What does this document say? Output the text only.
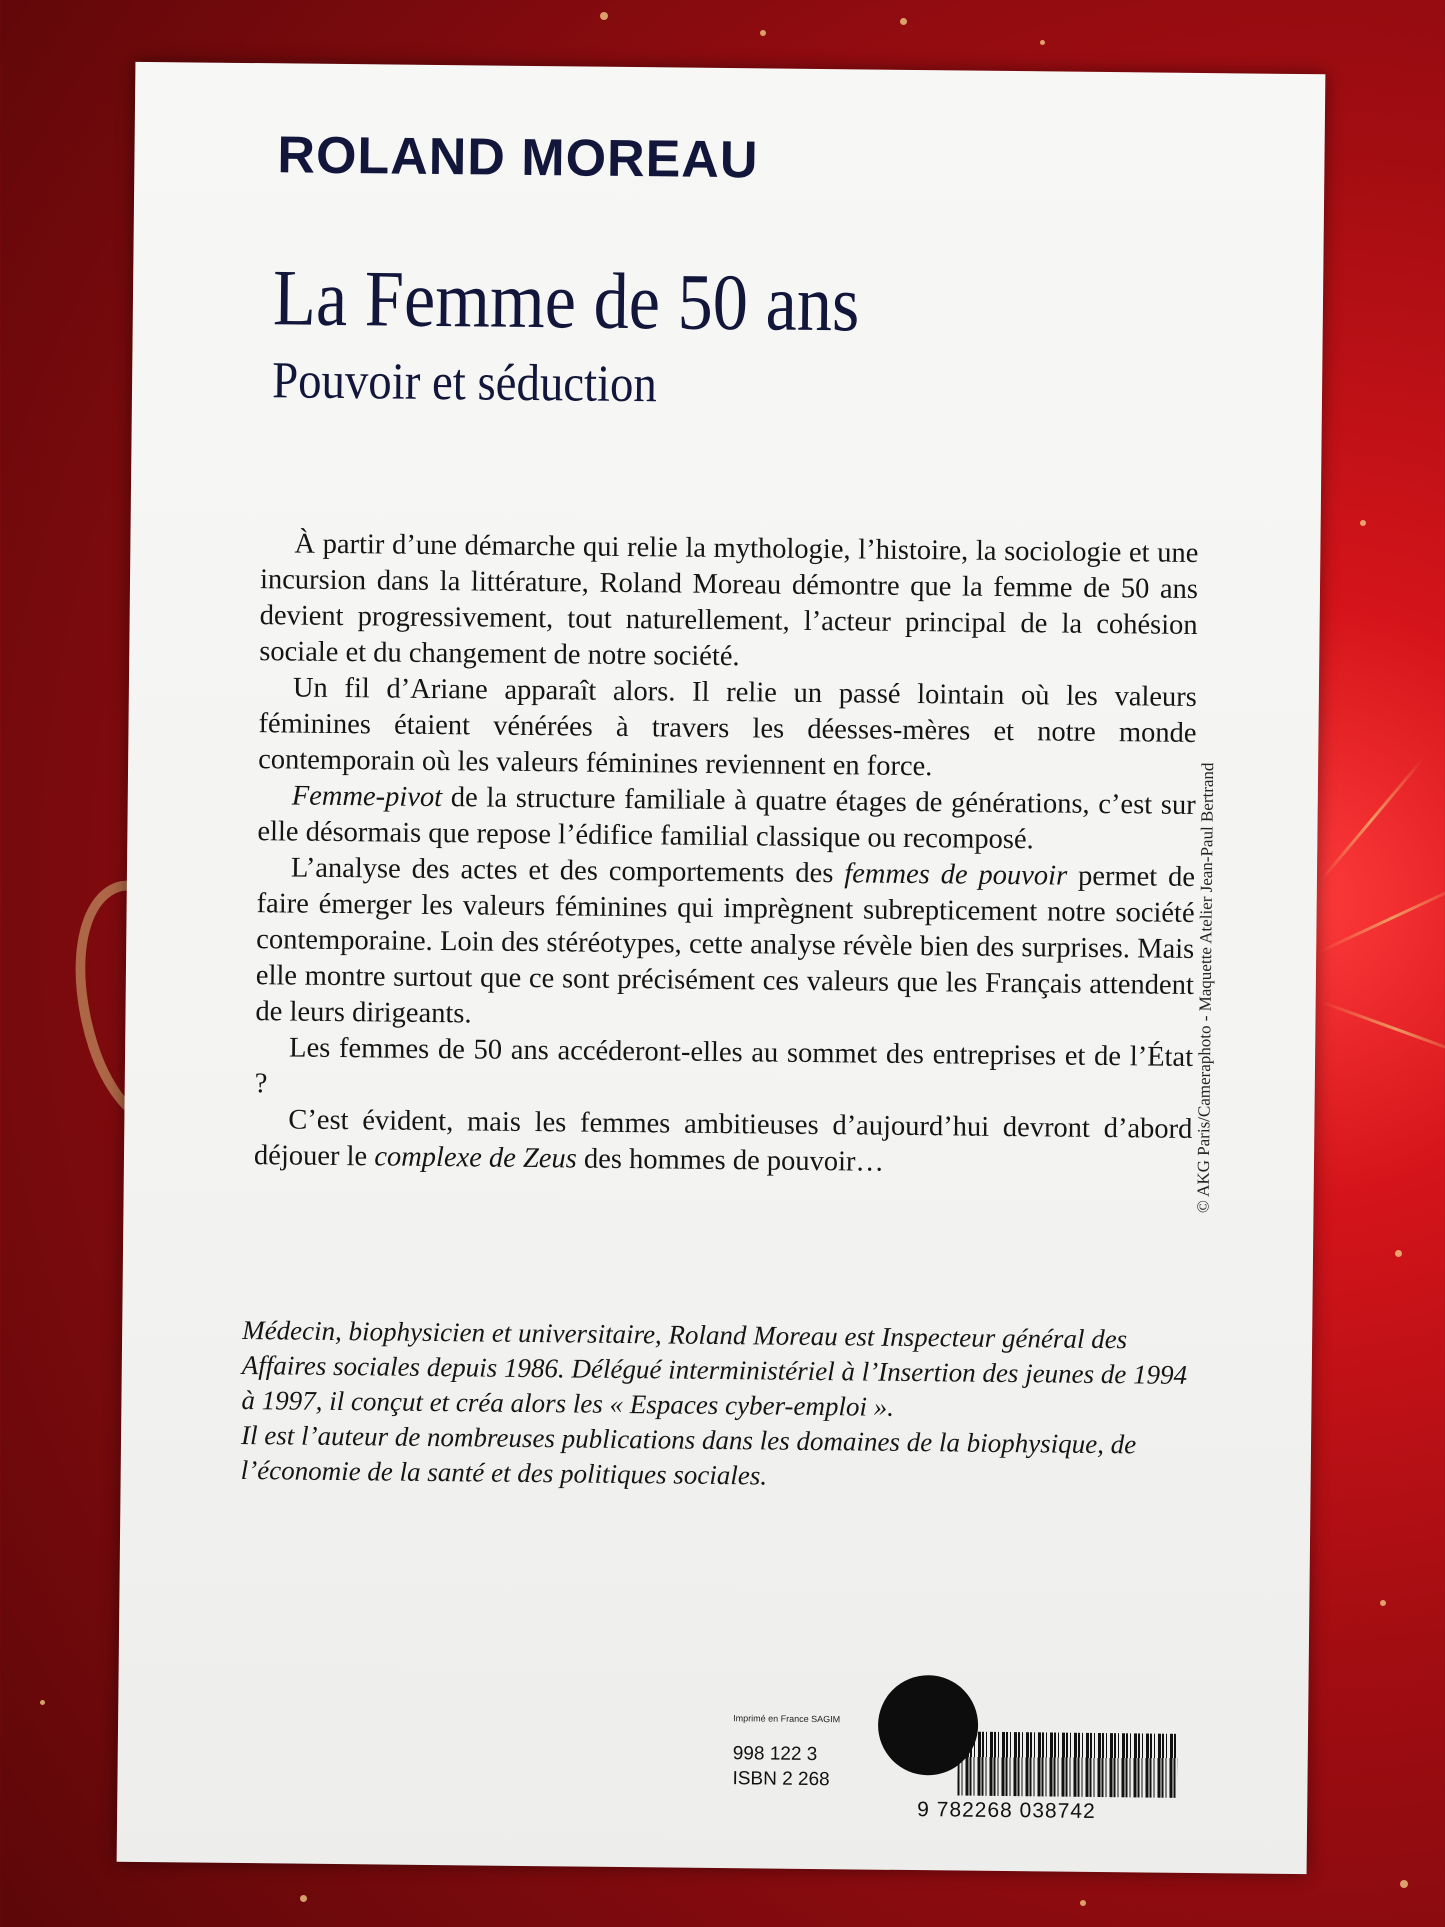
ROLAND MOREAU
La Femme de 50 ans
Pouvoir et séduction

À partir d’une démarche qui relie la mythologie, l’histoire, la sociologie et une incursion dans la littérature, Roland Moreau démontre que la femme de 50 ans devient progressivement, tout naturellement, l’acteur principal de la cohésion sociale et du changement de notre société.

Un fil d’Ariane apparaît alors. Il relie un passé lointain où les valeurs féminines étaient vénérées à travers les déesses-mères et notre monde contemporain où les valeurs féminines reviennent en force.

Femme-pivot de la structure familiale à quatre étages de générations, c’est sur elle désormais que repose l’édifice familial classique ou recomposé.

L’analyse des actes et des comportements des femmes de pouvoir permet de faire émerger les valeurs féminines qui imprègnent subrepticement notre société contemporaine. Loin des stéréotypes, cette analyse révèle bien des surprises. Mais elle montre surtout que ce sont précisément ces valeurs que les Français attendent de leurs dirigeants.

Les femmes de 50 ans accéderont-elles au sommet des entreprises et de l’État ?

C’est évident, mais les femmes ambitieuses d’aujourd’hui devront d’abord déjouer le complexe de Zeus des hommes de pouvoir…

Médecin, biophysicien et universitaire, Roland Moreau est Inspecteur général des Affaires sociales depuis 1986. Délégué interministériel à l’Insertion des jeunes de 1994 à 1997, il conçut et créa alors les « Espaces cyber-emploi ».

Il est l’auteur de nombreuses publications dans les domaines de la biophysique, de l’économie de la santé et des politiques sociales.

© AKG Paris/Cameraphoto - Maquette Atelier Jean-Paul Bertrand
Imprimé en France SAGIM
998 122 3
ISBN 2 268
9 782268 038742
